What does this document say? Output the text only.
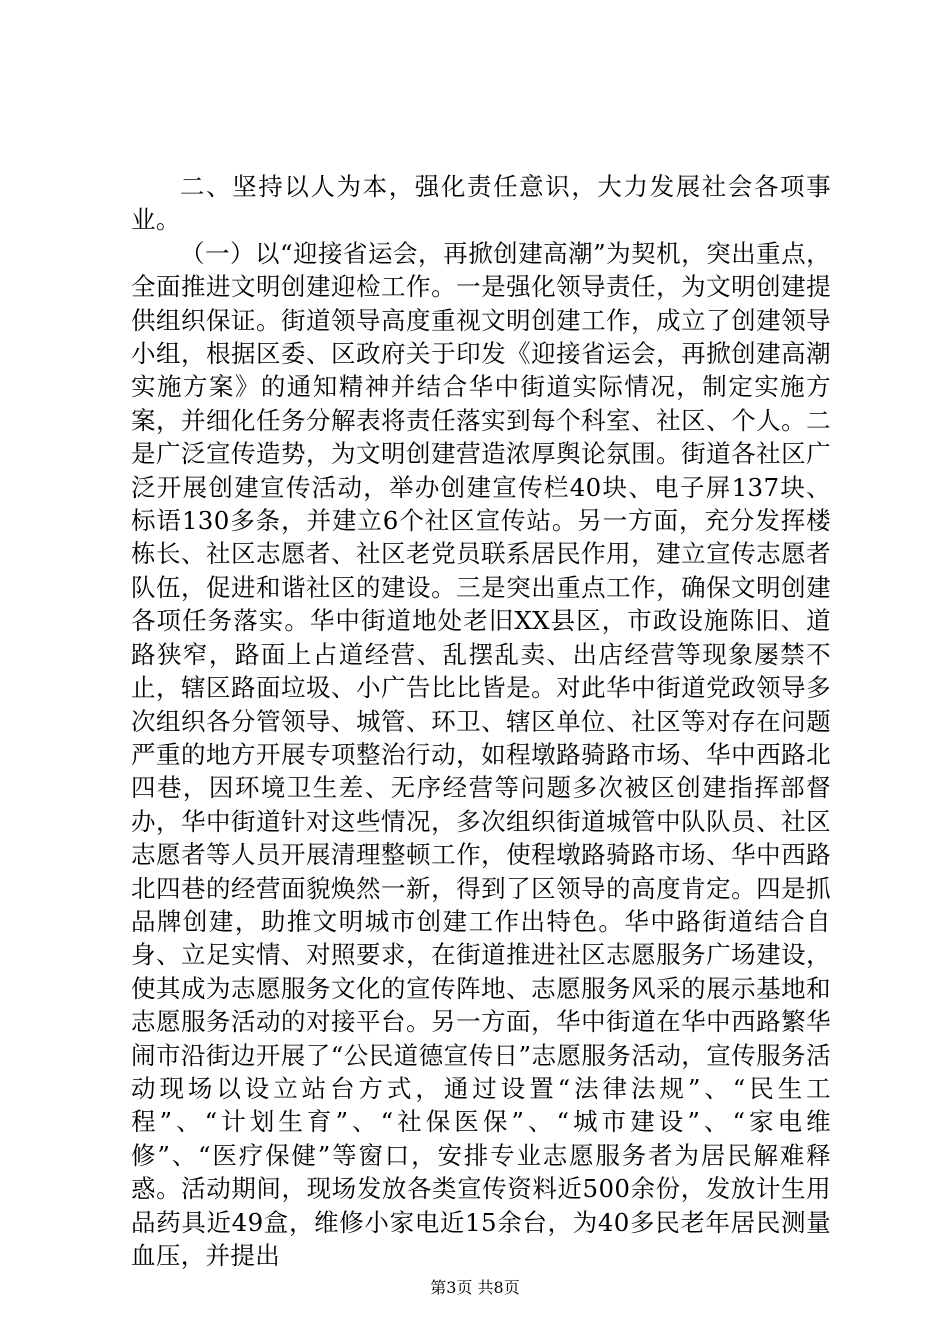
二、坚持以人为本，强化责任意识，大力发展社会各项事业。

（一）以“迎接省运会，再掀创建高潮”为契机，突出重点，全面推进文明创建迎检工作。一是强化领导责任，为文明创建提供组织保证。街道领导高度重视文明创建工作，成立了创建领导小组，根据区委、区政府关于印发《迎接省运会，再掀创建高潮实施方案》的通知精神并结合华中街道实际情况，制定实施方案，并细化任务分解表将责任落实到每个科室、社区、个人。二是广泛宣传造势，为文明创建营造浓厚舆论氛围。街道各社区广泛开展创建宣传活动，举办创建宣传栏40块、电子屏137块、标语130多条，并建立6个社区宣传站。另一方面，充分发挥楼栋长、社区志愿者、社区老党员联系居民作用，建立宣传志愿者队伍，促进和谐社区的建设。三是突出重点工作，确保文明创建各项任务落实。华中街道地处老旧XX县区，市政设施陈旧、道路狭窄，路面上占道经营、乱摆乱卖、出店经营等现象屡禁不止，辖区路面垃圾、小广告比比皆是。对此华中街道党政领导多次组织各分管领导、城管、环卫、辖区单位、社区等对存在问题严重的地方开展专项整治行动，如程墩路骑路市场、华中西路北四巷，因环境卫生差、无序经营等问题多次被区创建指挥部督办，华中街道针对这些情况，多次组织街道城管中队队员、社区志愿者等人员开展清理整顿工作，使程墩路骑路市场、华中西路北四巷的经营面貌焕然一新，得到了区领导的高度肯定。四是抓品牌创建，助推文明城市创建工作出特色。华中路街道结合自身、立足实情、对照要求，在街道推进社区志愿服务广场建设，使其成为志愿服务文化的宣传阵地、志愿服务风采的展示基地和志愿服务活动的对接平台。另一方面，华中街道在华中西路繁华闹市沿街边开展了“公民道德宣传日”志愿服务活动，宣传服务活动现场以设立站台方式，通过设置“法律法规”、“民生工程”、“计划生育”、“社保医保”、“城市建设”、“家电维修”、“医疗保健”等窗口，安排专业志愿服务者为居民解难释惑。活动期间，现场发放各类宣传资料近500余份，发放计生用品药具近49盒，维修小家电近15余台，为40多民老年居民测量血压，并提出

第3页 共8页
